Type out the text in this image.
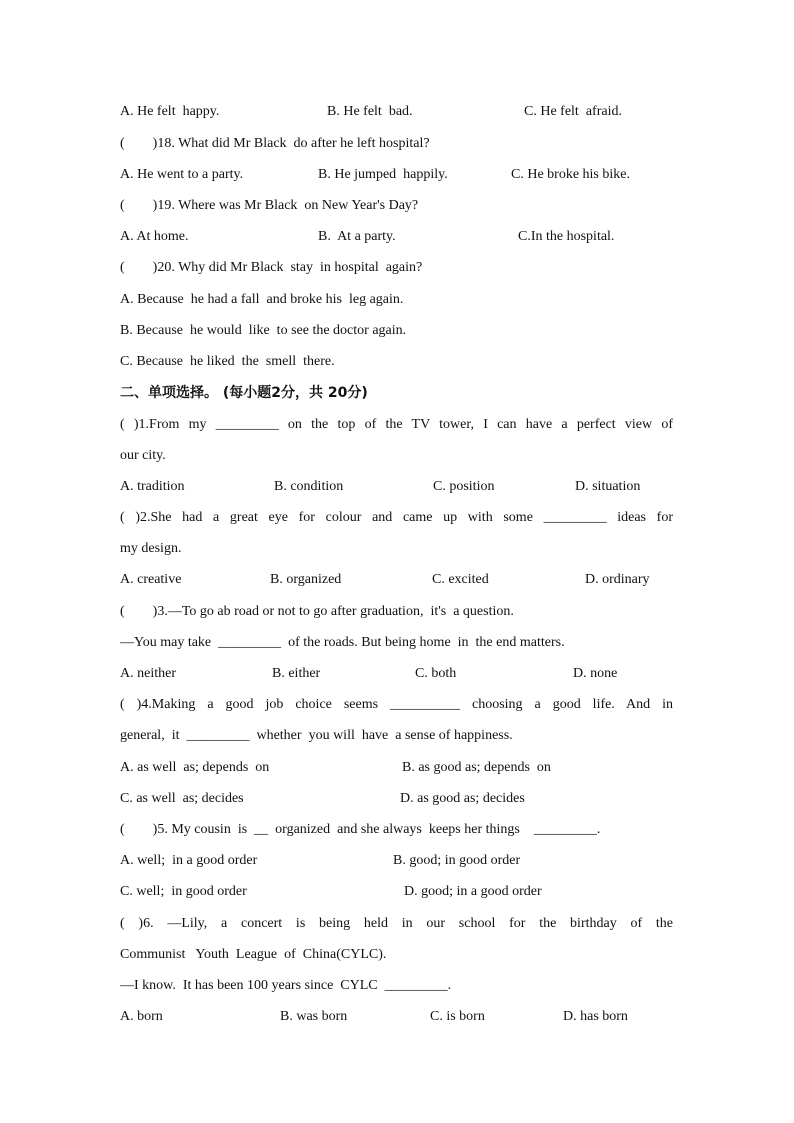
A. He felt  happy.

	B. He felt  bad.

	C. He felt  afraid.

(        )18. What did Mr Black  do after he left hospital?

A. He went to a party.

	B. He jumped  happily.

	C. He broke his bike.

(        )19. Where was Mr Black  on New Year's Day?

A. At home.

	B.  At a party.

	C.In the hospital.

(        )20. Why did Mr Black  stay  in hospital  again?
A. Because  he had a fall  and broke his  leg again.
B. Because  he would  like  to see the doctor again.
C. Because  he liked  the  smell  there.
二、单项选择。 (每小题2分，共 20分)
( )1.From my _________ on the top of the TV tower, I can have a perfect view of
our city.

A. tradition

	B. condition

	C. position

	D. situation

( )2.She had a great eye for colour and came up with some _________ ideas for
my design.

A. creative

	B. organized

	C. excited

	D. ordinary

(        )3.—To go ab road or not to go after graduation,  it's  a question.
—You may take  _________  of the roads. But being home  in  the end matters.

A. neither

	B. either

	C. both

	D. none

( )4.Making a good job choice seems __________ choosing a good life. And in
general,  it  _________  whether  you will  have  a sense of happiness.

A. as well  as; depends  on

	B. as good as; depends  on

C. as well  as; decides

	D. as good as; decides

(        )5. My cousin  is  __  organized  and she always  keeps her things    _________.

A. well;  in a good order

	B. good; in good order

C. well;  in good order

	D. good; in a good order

( )6. —Lily, a concert is being held in our school for the birthday of the
Communist   Youth  League  of  China(CYLC).
—I know.  It has been 100 years since  CYLC  _________.

A. born

	B. was born

	C. is born

	D. has born
